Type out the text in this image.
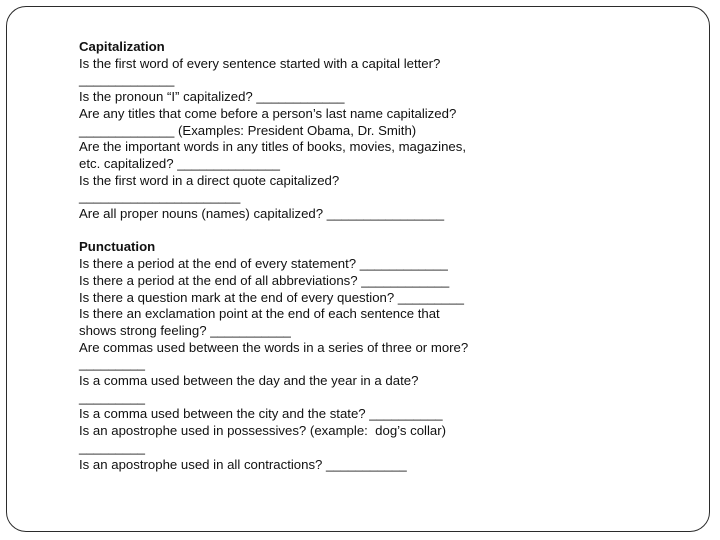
Capitalization

Is the first word of every sentence started with a capital letter?

_____________

Is the pronoun “I” capitalized? ____________

Are any titles that come before a person’s last name capitalized?

_____________ (Examples: President Obama, Dr. Smith)

Are the important words in any titles of books, movies, magazines,

etc. capitalized? ______________

Is the first word in a direct quote capitalized?

______________________

Are all proper nouns (names) capitalized? ________________

Punctuation

Is there a period at the end of every statement? ____________

Is there a period at the end of all abbreviations? ____________

Is there a question mark at the end of every question? _________

Is there an exclamation point at the end of each sentence that

shows strong feeling? ___________

Are commas used between the words in a series of three or more?

_________

Is a comma used between the day and the year in a date?

_________

Is a comma used between the city and the state? __________

Is an apostrophe used in possessives? (example:  dog’s collar)

_________

Is an apostrophe used in all contractions? ___________
